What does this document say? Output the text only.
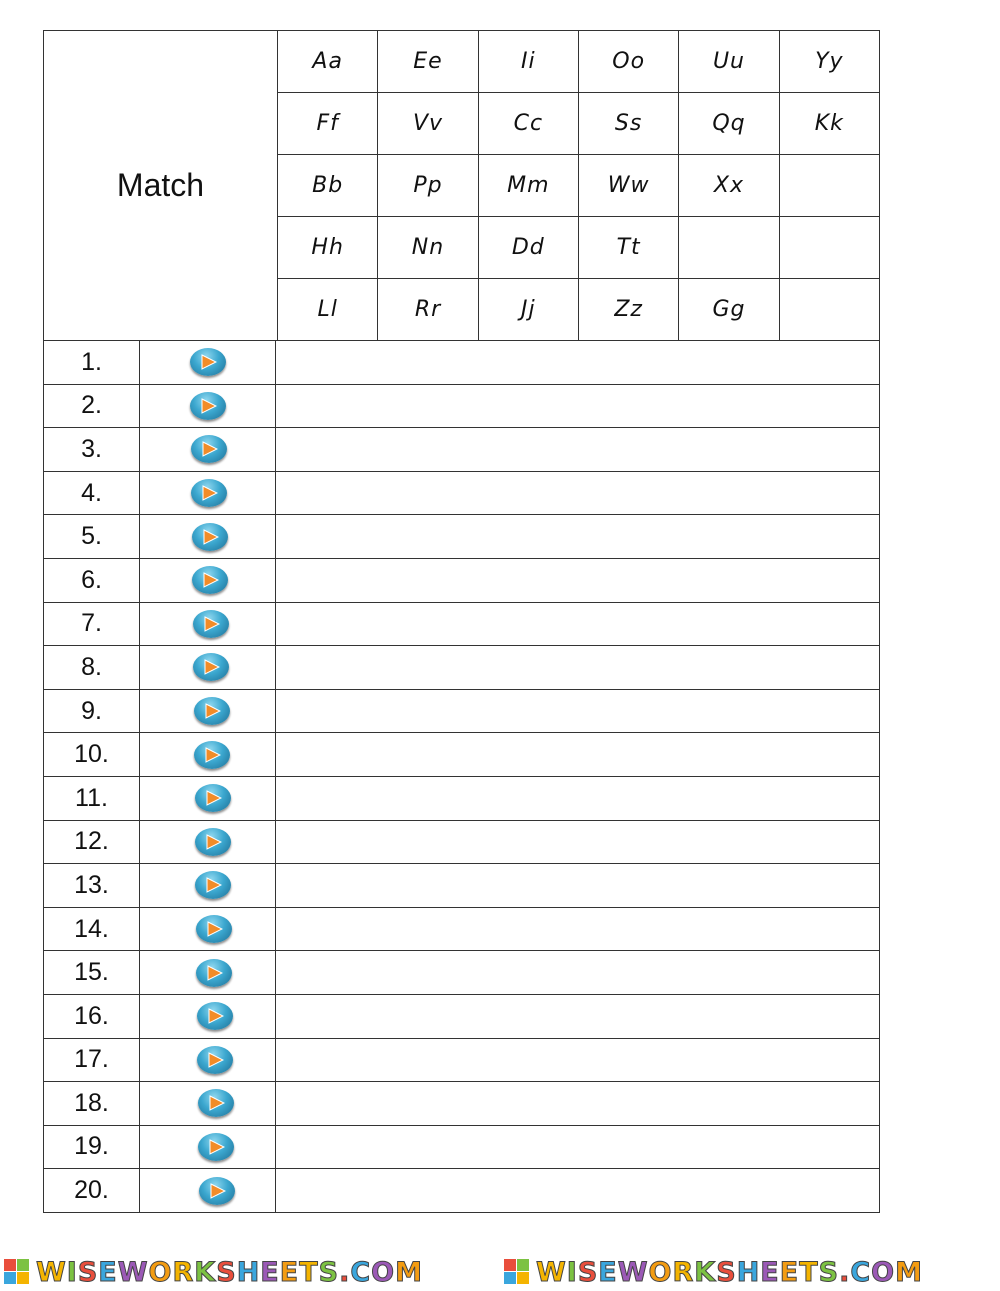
Match	Aa	Ee	Ii	Oo	Uu	Yy
	Ff	Vv	Cc	Ss	Qq	Kk
	Bb	Pp	Mm	Ww	Xx	
	Hh	Nn	Dd	Tt		
	Ll	Rr	Jj	Zz	Gg	
1.	

2.	

3.	

4.	

5.	

6.	

7.	

8.	

9.	

10.	

11.	

12.	

13.	

14.	

15.	

16.	

17.	

18.	

19.	

20.	

W I S E W O R K S H E E T S . C O M	W I S E W O R K S H E E T S . C O M
